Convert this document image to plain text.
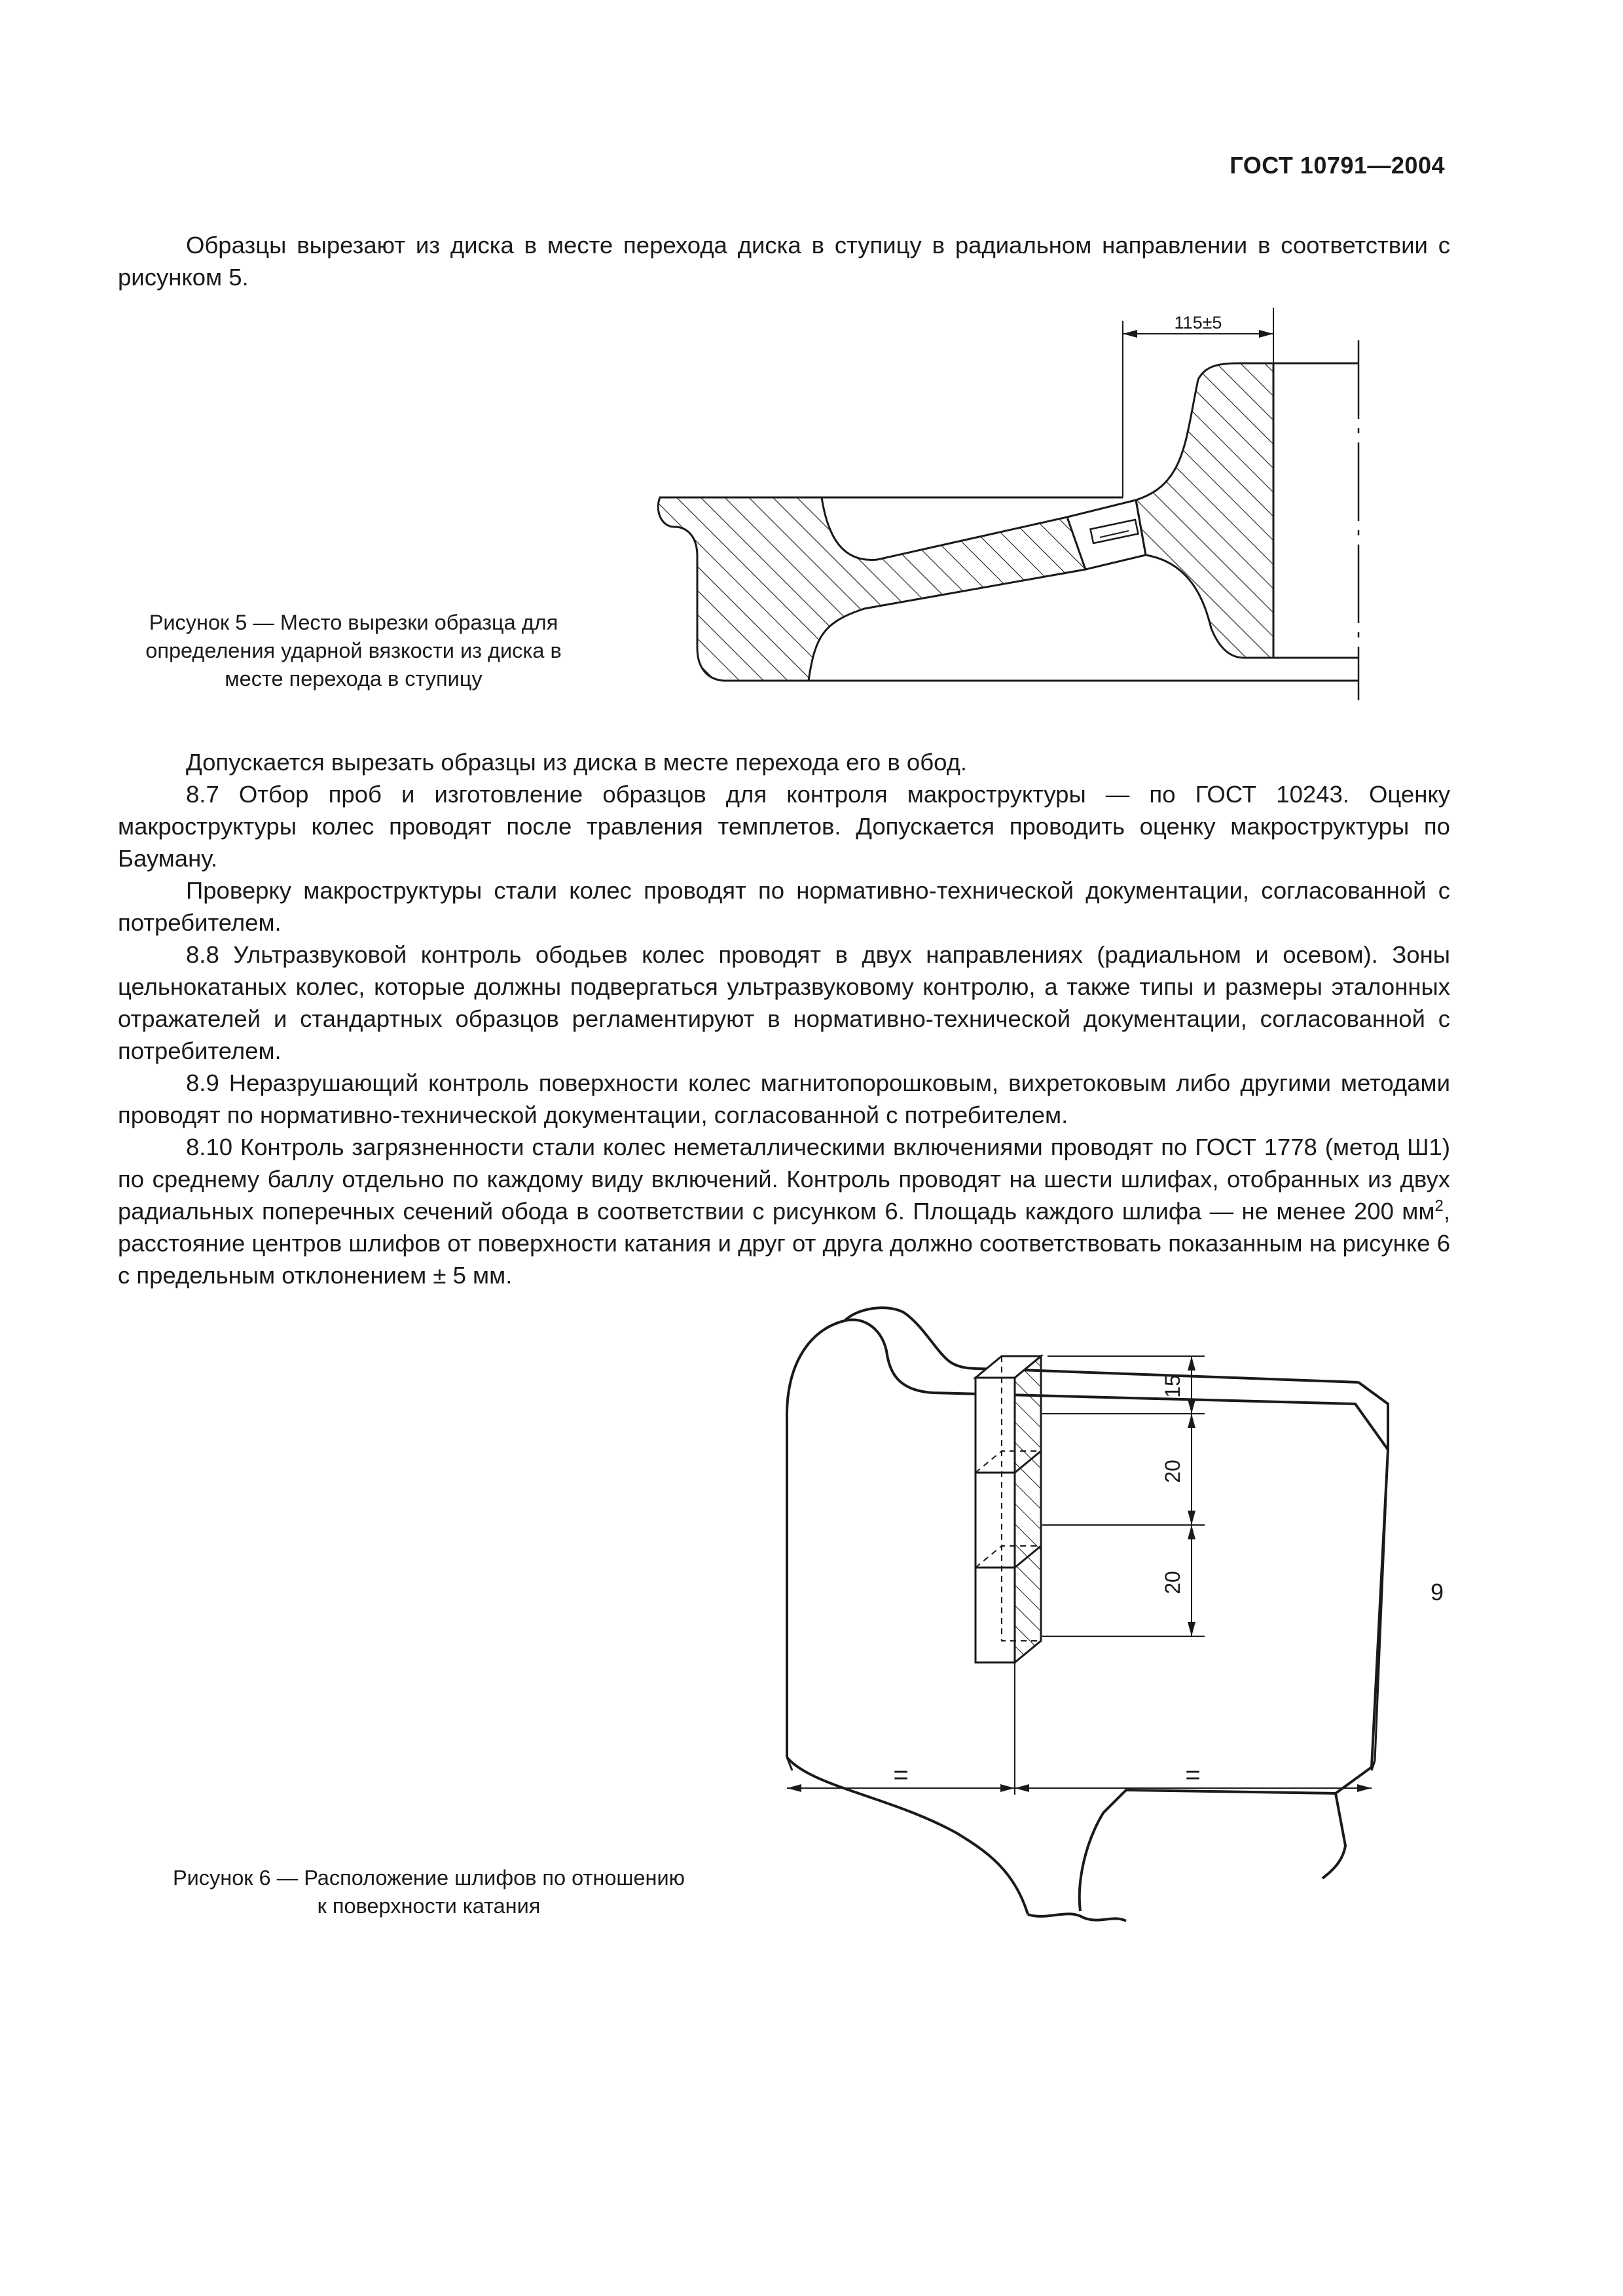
ГОСТ 10791—2004

Образцы вырезают из диска в месте перехода диска в ступицу в радиальном направлении в соответствии с рисунком 5.

115±5
Рисунок 5 — Место вырезки образца для определения ударной вязкости из диска в месте перехода в ступицу

Допускается вырезать образцы из диска в месте перехода его в обод.

8.7 Отбор проб и изготовление образцов для контроля макроструктуры — по ГОСТ 10243. Оценку макроструктуры колес проводят после травления темплетов. Допускается проводить оценку макроструктуры по Бауману.

Проверку макроструктуры стали колес проводят по нормативно-технической документации, согласованной с потребителем.

8.8 Ультразвуковой контроль ободьев колес проводят в двух направлениях (радиальном и осевом). Зоны цельнокатаных колес, которые должны подвергаться ультразвуковому контролю, а также типы и размеры эталонных отражателей и стандартных образцов регламентируют в нормативно-технической документации, согласованной с потребителем.

8.9 Неразрушающий контроль поверхности колес магнитопорошковым, вихретоковым либо другими методами проводят по нормативно-технической документации, согласованной с потребителем.

8.10 Контроль загрязненности стали колес неметаллическими включениями проводят по ГОСТ 1778 (метод Ш1) по среднему баллу отдельно по каждому виду включений. Контроль проводят на шести шлифах, отобранных из двух радиальных поперечных сечений обода в соответствии с рисунком 6. Площадь каждого шлифа — не менее 200 $мм^2$, расстояние центров шлифов от поверхности катания и друг от друга должно соответствовать показанным на рисунке 6 с предельным отклонением ± 5 мм.

15
20
20
=	=
Рисунок 6 — Расположение шлифов по отношению
к поверхности катания
9
